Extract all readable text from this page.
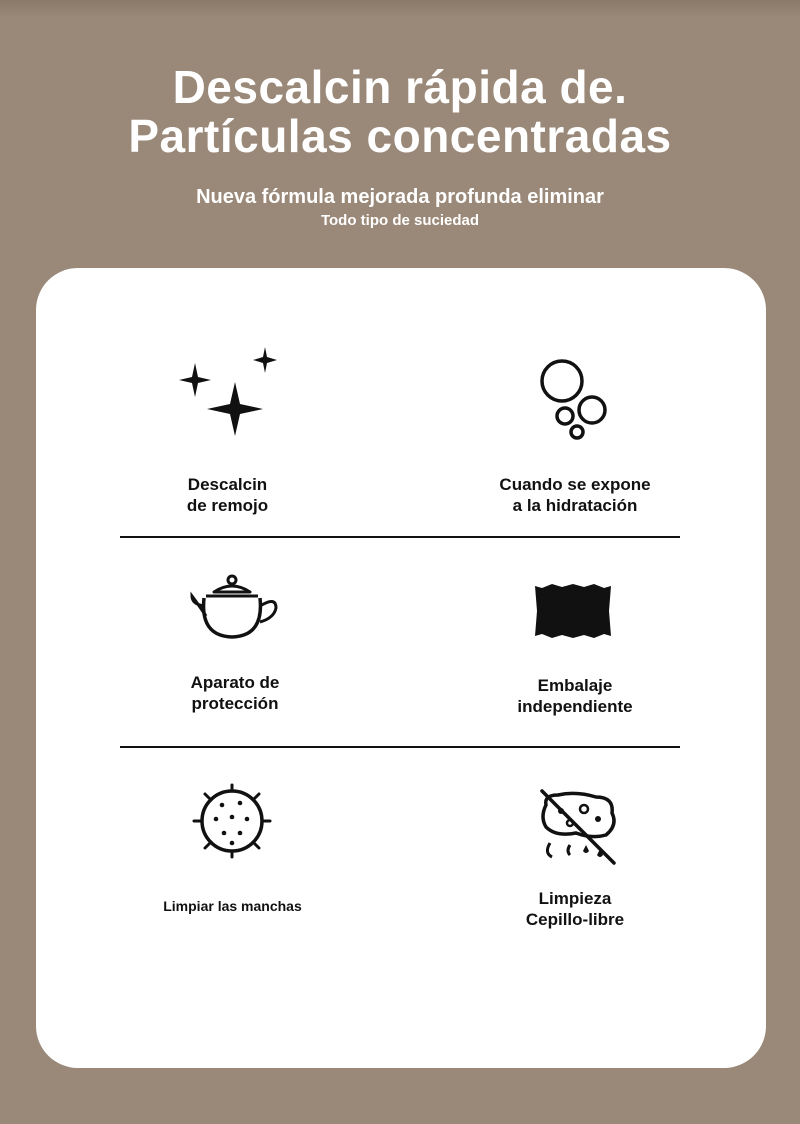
Descalcin rápida de.
Partículas concentradas
Nueva fórmula mejorada profunda eliminar
Todo tipo de suciedad
Descalcin
de remojo
Cuando se expone
a la hidratación
Aparato de
protección
Embalaje
independiente
Limpiar las manchas	Limpieza
Cepillo-libre
